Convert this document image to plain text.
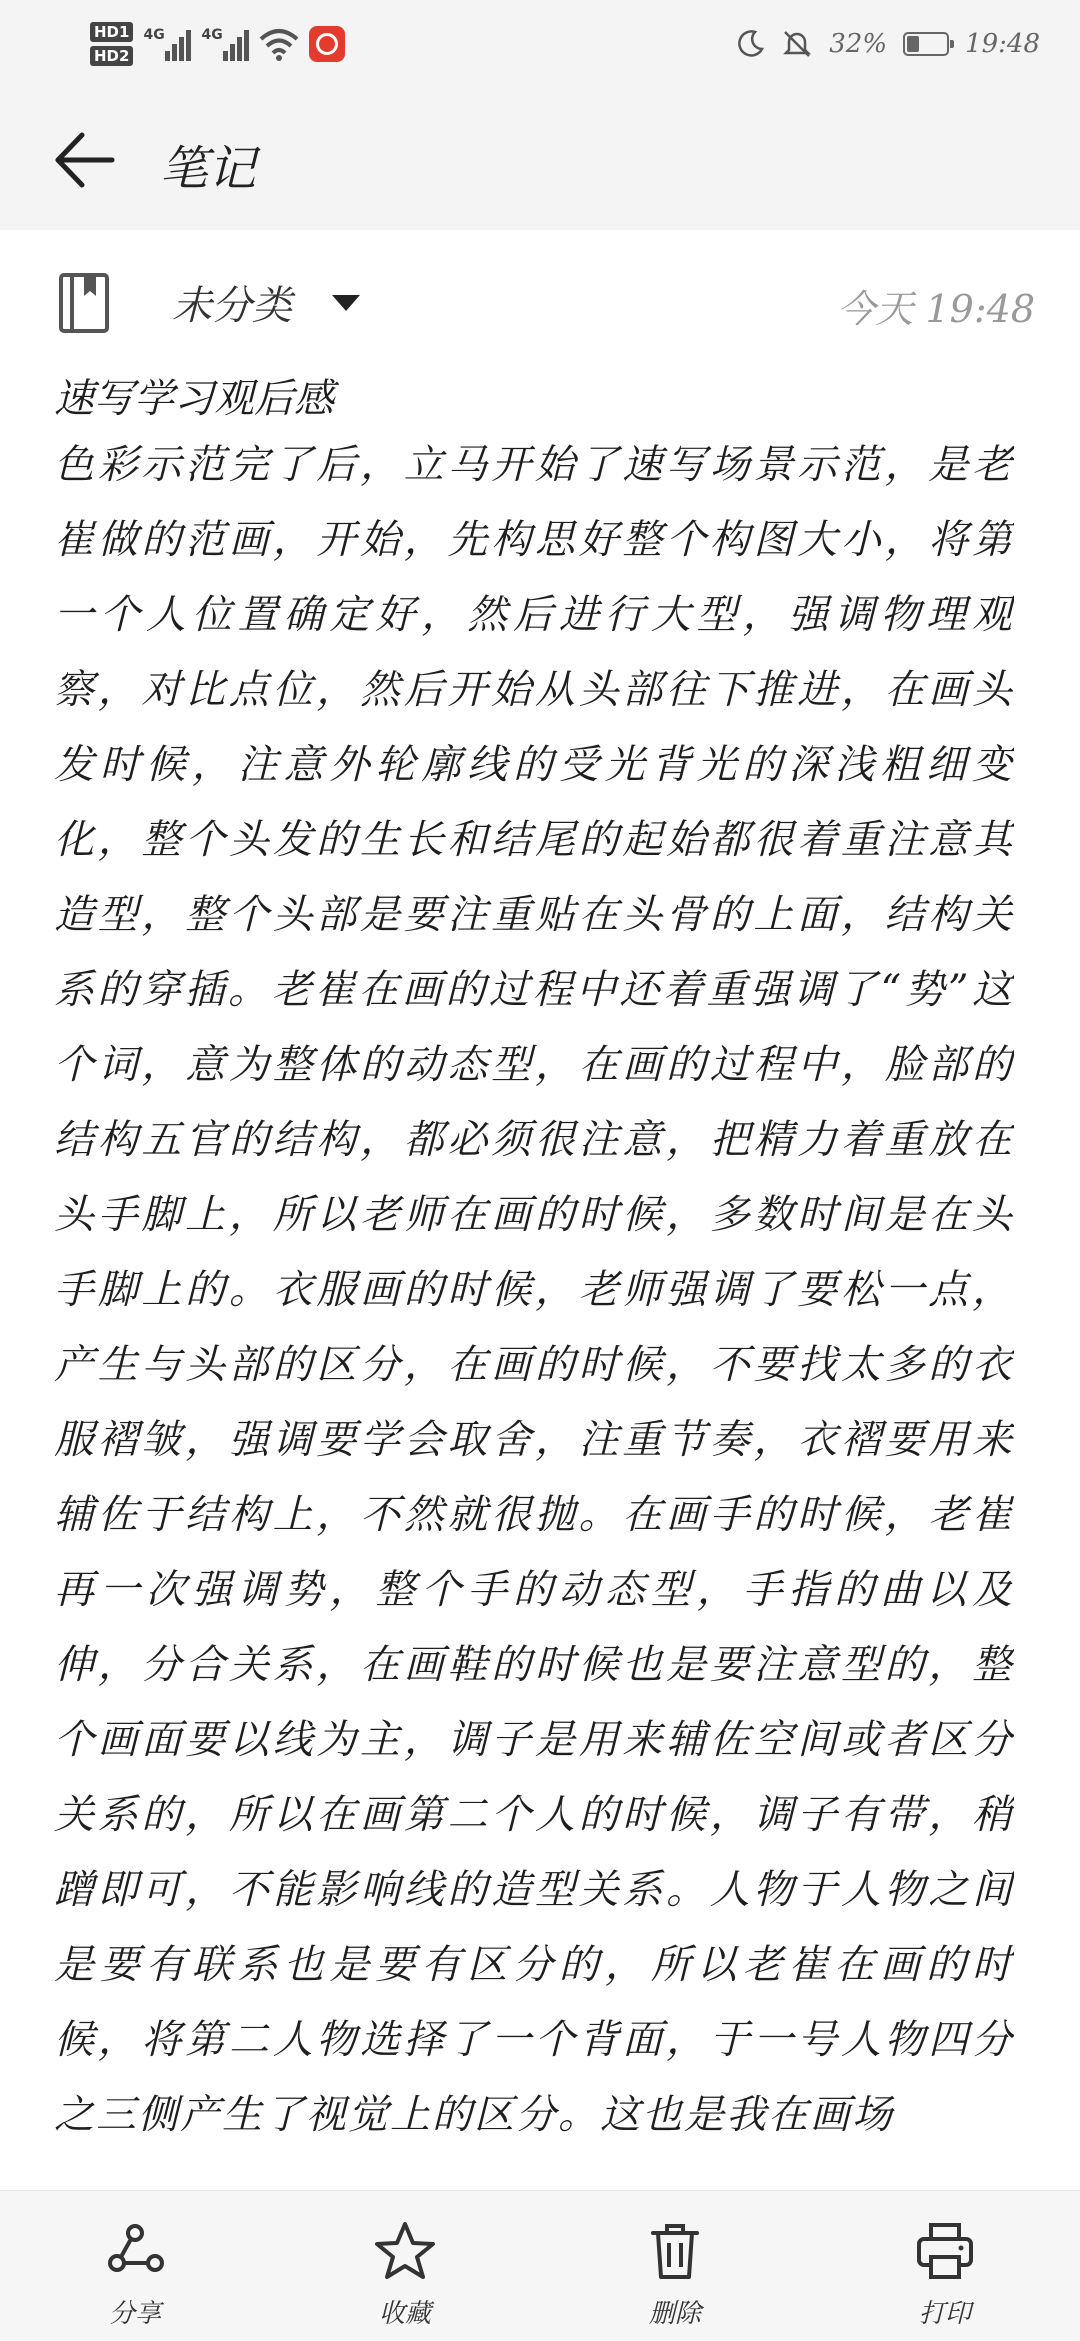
HD1
HD2
4G	4G	32%	19:48
笔记
未分类	今天 19:48
速写学习观后感
色彩示范完了后，立马开始了速写场景示范，是老崔做的范画，开始，先构思好整个构图大小，将第一个人位置确定好，然后进行大型，强调物理观察，对比点位，然后开始从头部往下推进，在画头发时候，注意外轮廓线的受光背光的深浅粗细变化，整个头发的生长和结尾的起始都很着重注意其造型，整个头部是要注重贴在头骨的上面，结构关系的穿插。老崔在画的过程中还着重强调了“势”这个词，意为整体的动态型，在画的过程中，脸部的结构五官的结构，都必须很注意，把精力着重放在头手脚上，所以老师在画的时候，多数时间是在头手脚上的。衣服画的时候，老师强调了要松一点，产生与头部的区分，在画的时候，不要找太多的衣服褶皱，强调要学会取舍，注重节奏，衣褶要用来辅佐于结构上，不然就很抛。在画手的时候，老崔再一次强调势，整个手的动态型，手指的曲以及伸，分合关系，在画鞋的时候也是要注意型的，整个画面要以线为主，调子是用来辅佐空间或者区分关系的，所以在画第二个人的时候，调子有带，稍蹭即可，不能影响线的造型关系。人物于人物之间是要有联系也是要有区分的，所以老崔在画的时候，将第二人物选择了一个背面，于一号人物四分之三侧产生了视觉上的区分。这也是我在画场
分享	收藏	删除	打印
